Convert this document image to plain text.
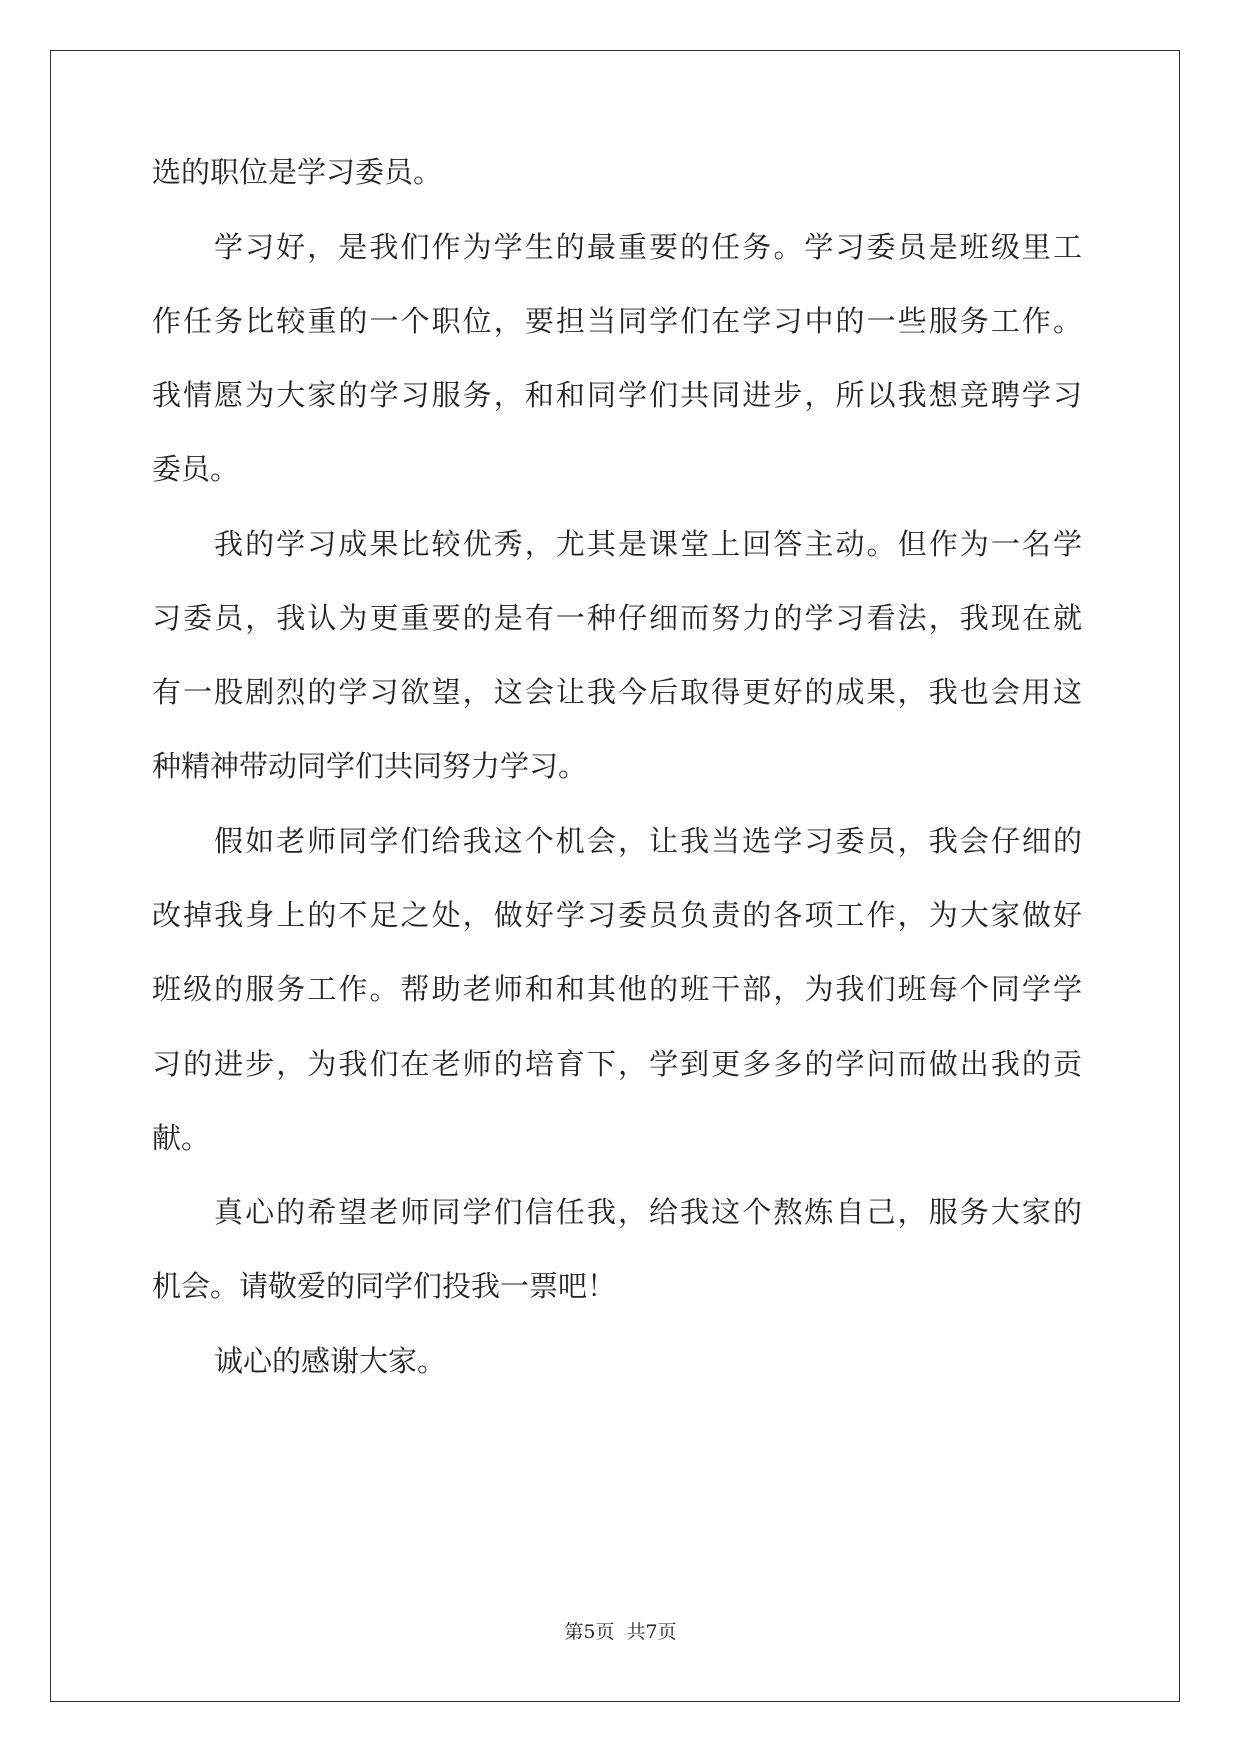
选的职位是学习委员。
学习好，是我们作为学生的最重要的任务。学习委员是班级里工
作任务比较重的一个职位，要担当同学们在学习中的一些服务工作。
我情愿为大家的学习服务，和和同学们共同进步，所以我想竞聘学习
委员。
我的学习成果比较优秀，尤其是课堂上回答主动。但作为一名学
习委员，我认为更重要的是有一种仔细而努力的学习看法，我现在就
有一股剧烈的学习欲望，这会让我今后取得更好的成果，我也会用这
种精神带动同学们共同努力学习。
假如老师同学们给我这个机会，让我当选学习委员，我会仔细的
改掉我身上的不足之处，做好学习委员负责的各项工作，为大家做好
班级的服务工作。帮助老师和和其他的班干部，为我们班每个同学学
习的进步，为我们在老师的培育下，学到更多多的学问而做出我的贡
献。
真心的希望老师同学们信任我，给我这个熬炼自己，服务大家的
机会。请敬爱的同学们投我一票吧！
诚心的感谢大家。
第5页 共7页
